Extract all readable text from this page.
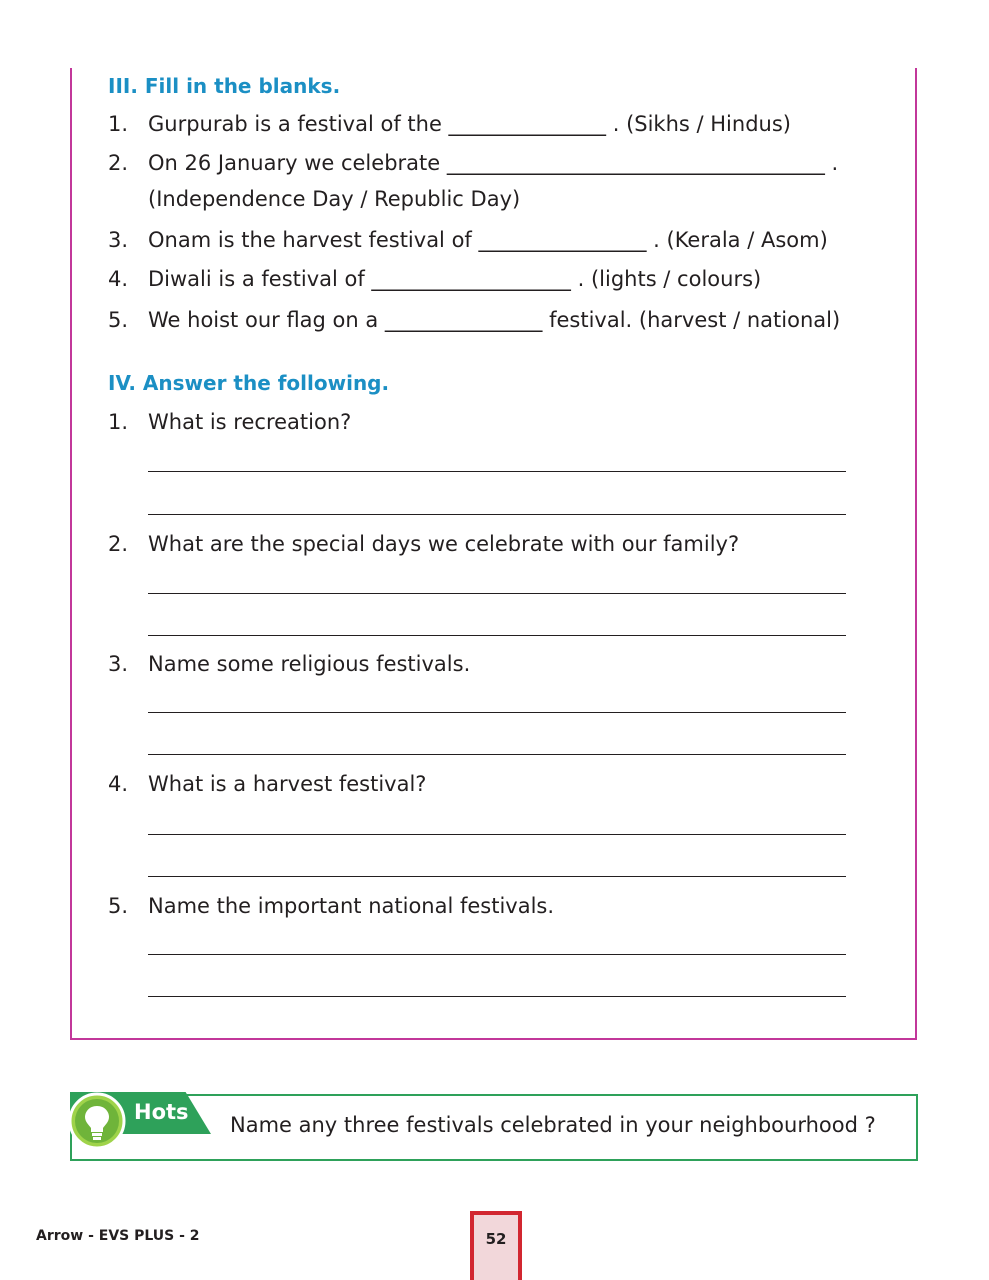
III. Fill in the blanks.
1. Gurpurab is a festival of the _______________ . (Sikhs / Hindus)
2. On 26 January we celebrate ____________________________________ .
(Independence Day / Republic Day)
3. Onam is the harvest festival of ________________ . (Kerala / Asom)
4. Diwali is a festival of ___________________ . (lights / colours)
5. We hoist our flag on a _______________ festival. (harvest / national)
IV. Answer the following.
1. What is recreation?
2. What are the special days we celebrate with our family?
3. Name some religious festivals.
4. What is a harvest festival?
5. Name the important national festivals.
Hots
Name any three festivals celebrated in your neighbourhood ?
Arrow - EVS PLUS - 2	52
